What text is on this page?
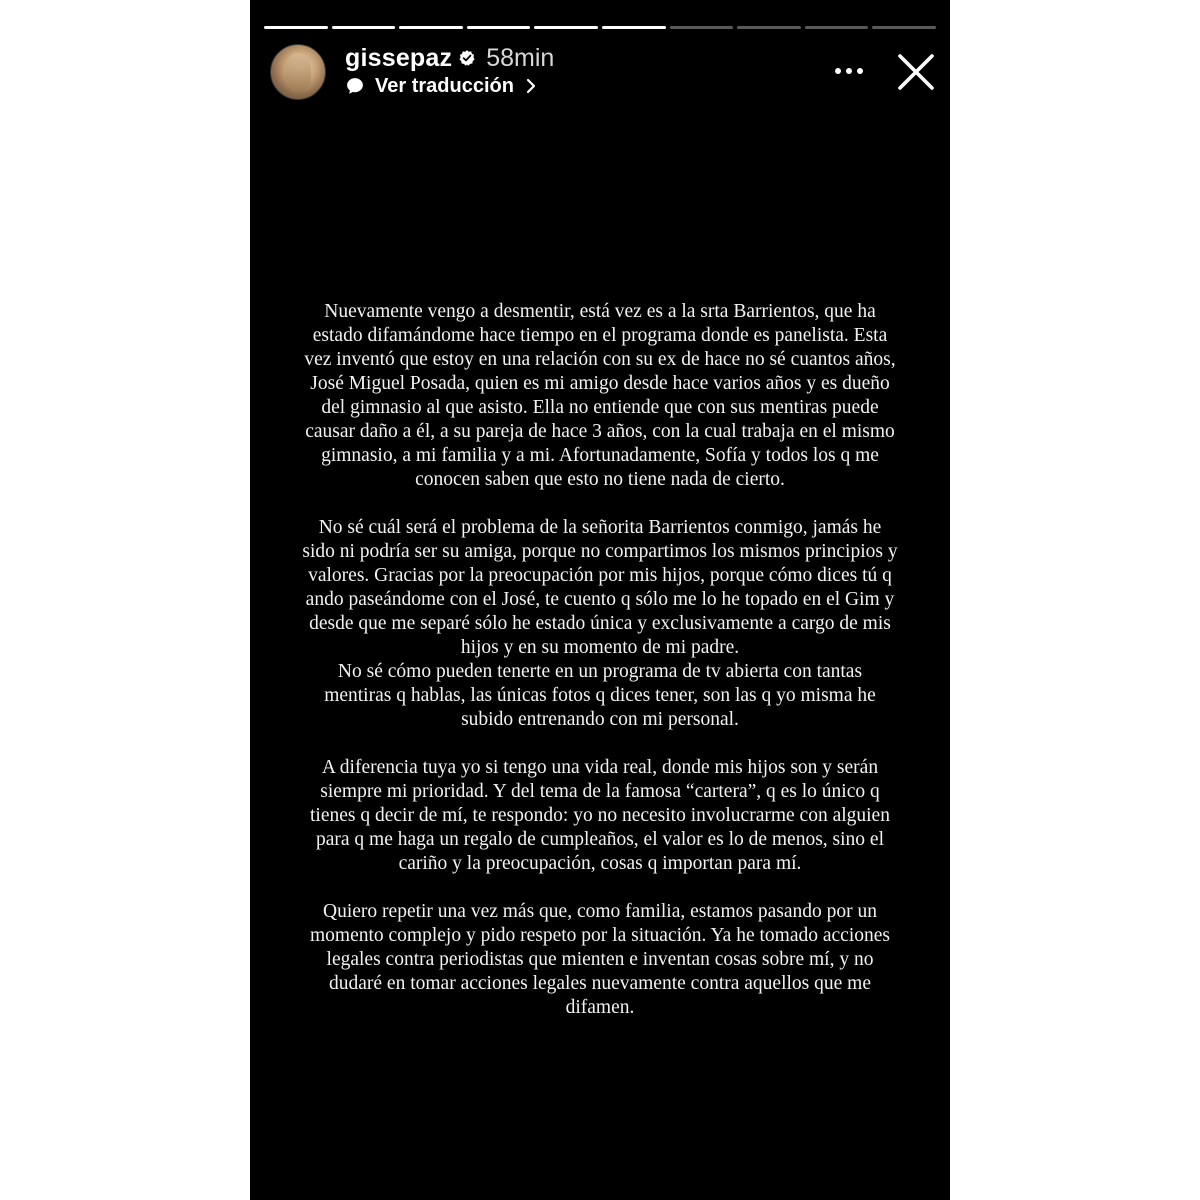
gissepaz 58min
Ver traducción

Nuevamente vengo a desmentir, está vez es a la srta Barrientos, que ha
estado difamándome hace tiempo en el programa donde es panelista. Esta
vez inventó que estoy en una relación con su ex de hace no sé cuantos años,
José Miguel Posada, quien es mi amigo desde hace varios años y es dueño
del gimnasio al que asisto. Ella no entiende que con sus mentiras puede
causar daño a él, a su pareja de hace 3 años, con la cual trabaja en el mismo
gimnasio, a mi familia y a mi. Afortunadamente, Sofía y todos los q me
conocen saben que esto no tiene nada de cierto.

No sé cuál será el problema de la señorita Barrientos conmigo, jamás he
sido ni podría ser su amiga, porque no compartimos los mismos principios y
valores. Gracias por la preocupación por mis hijos, porque cómo dices tú q
ando paseándome con el José, te cuento q sólo me lo he topado en el Gim y
desde que me separé sólo he estado única y exclusivamente a cargo de mis
hijos y en su momento de mi padre.
No sé cómo pueden tenerte en un programa de tv abierta con tantas
mentiras q hablas, las únicas fotos q dices tener, son las q yo misma he
subido entrenando con mi personal.

A diferencia tuya yo si tengo una vida real, donde mis hijos son y serán
siempre mi prioridad. Y del tema de la famosa “cartera”, q es lo único q
tienes q decir de mí, te respondo: yo no necesito involucrarme con alguien
para q me haga un regalo de cumpleaños, el valor es lo de menos, sino el
cariño y la preocupación, cosas q importan para mí.

Quiero repetir una vez más que, como familia, estamos pasando por un
momento complejo y pido respeto por la situación. Ya he tomado acciones
legales contra periodistas que mienten e inventan cosas sobre mí, y no
dudaré en tomar acciones legales nuevamente contra aquellos que me
difamen.
